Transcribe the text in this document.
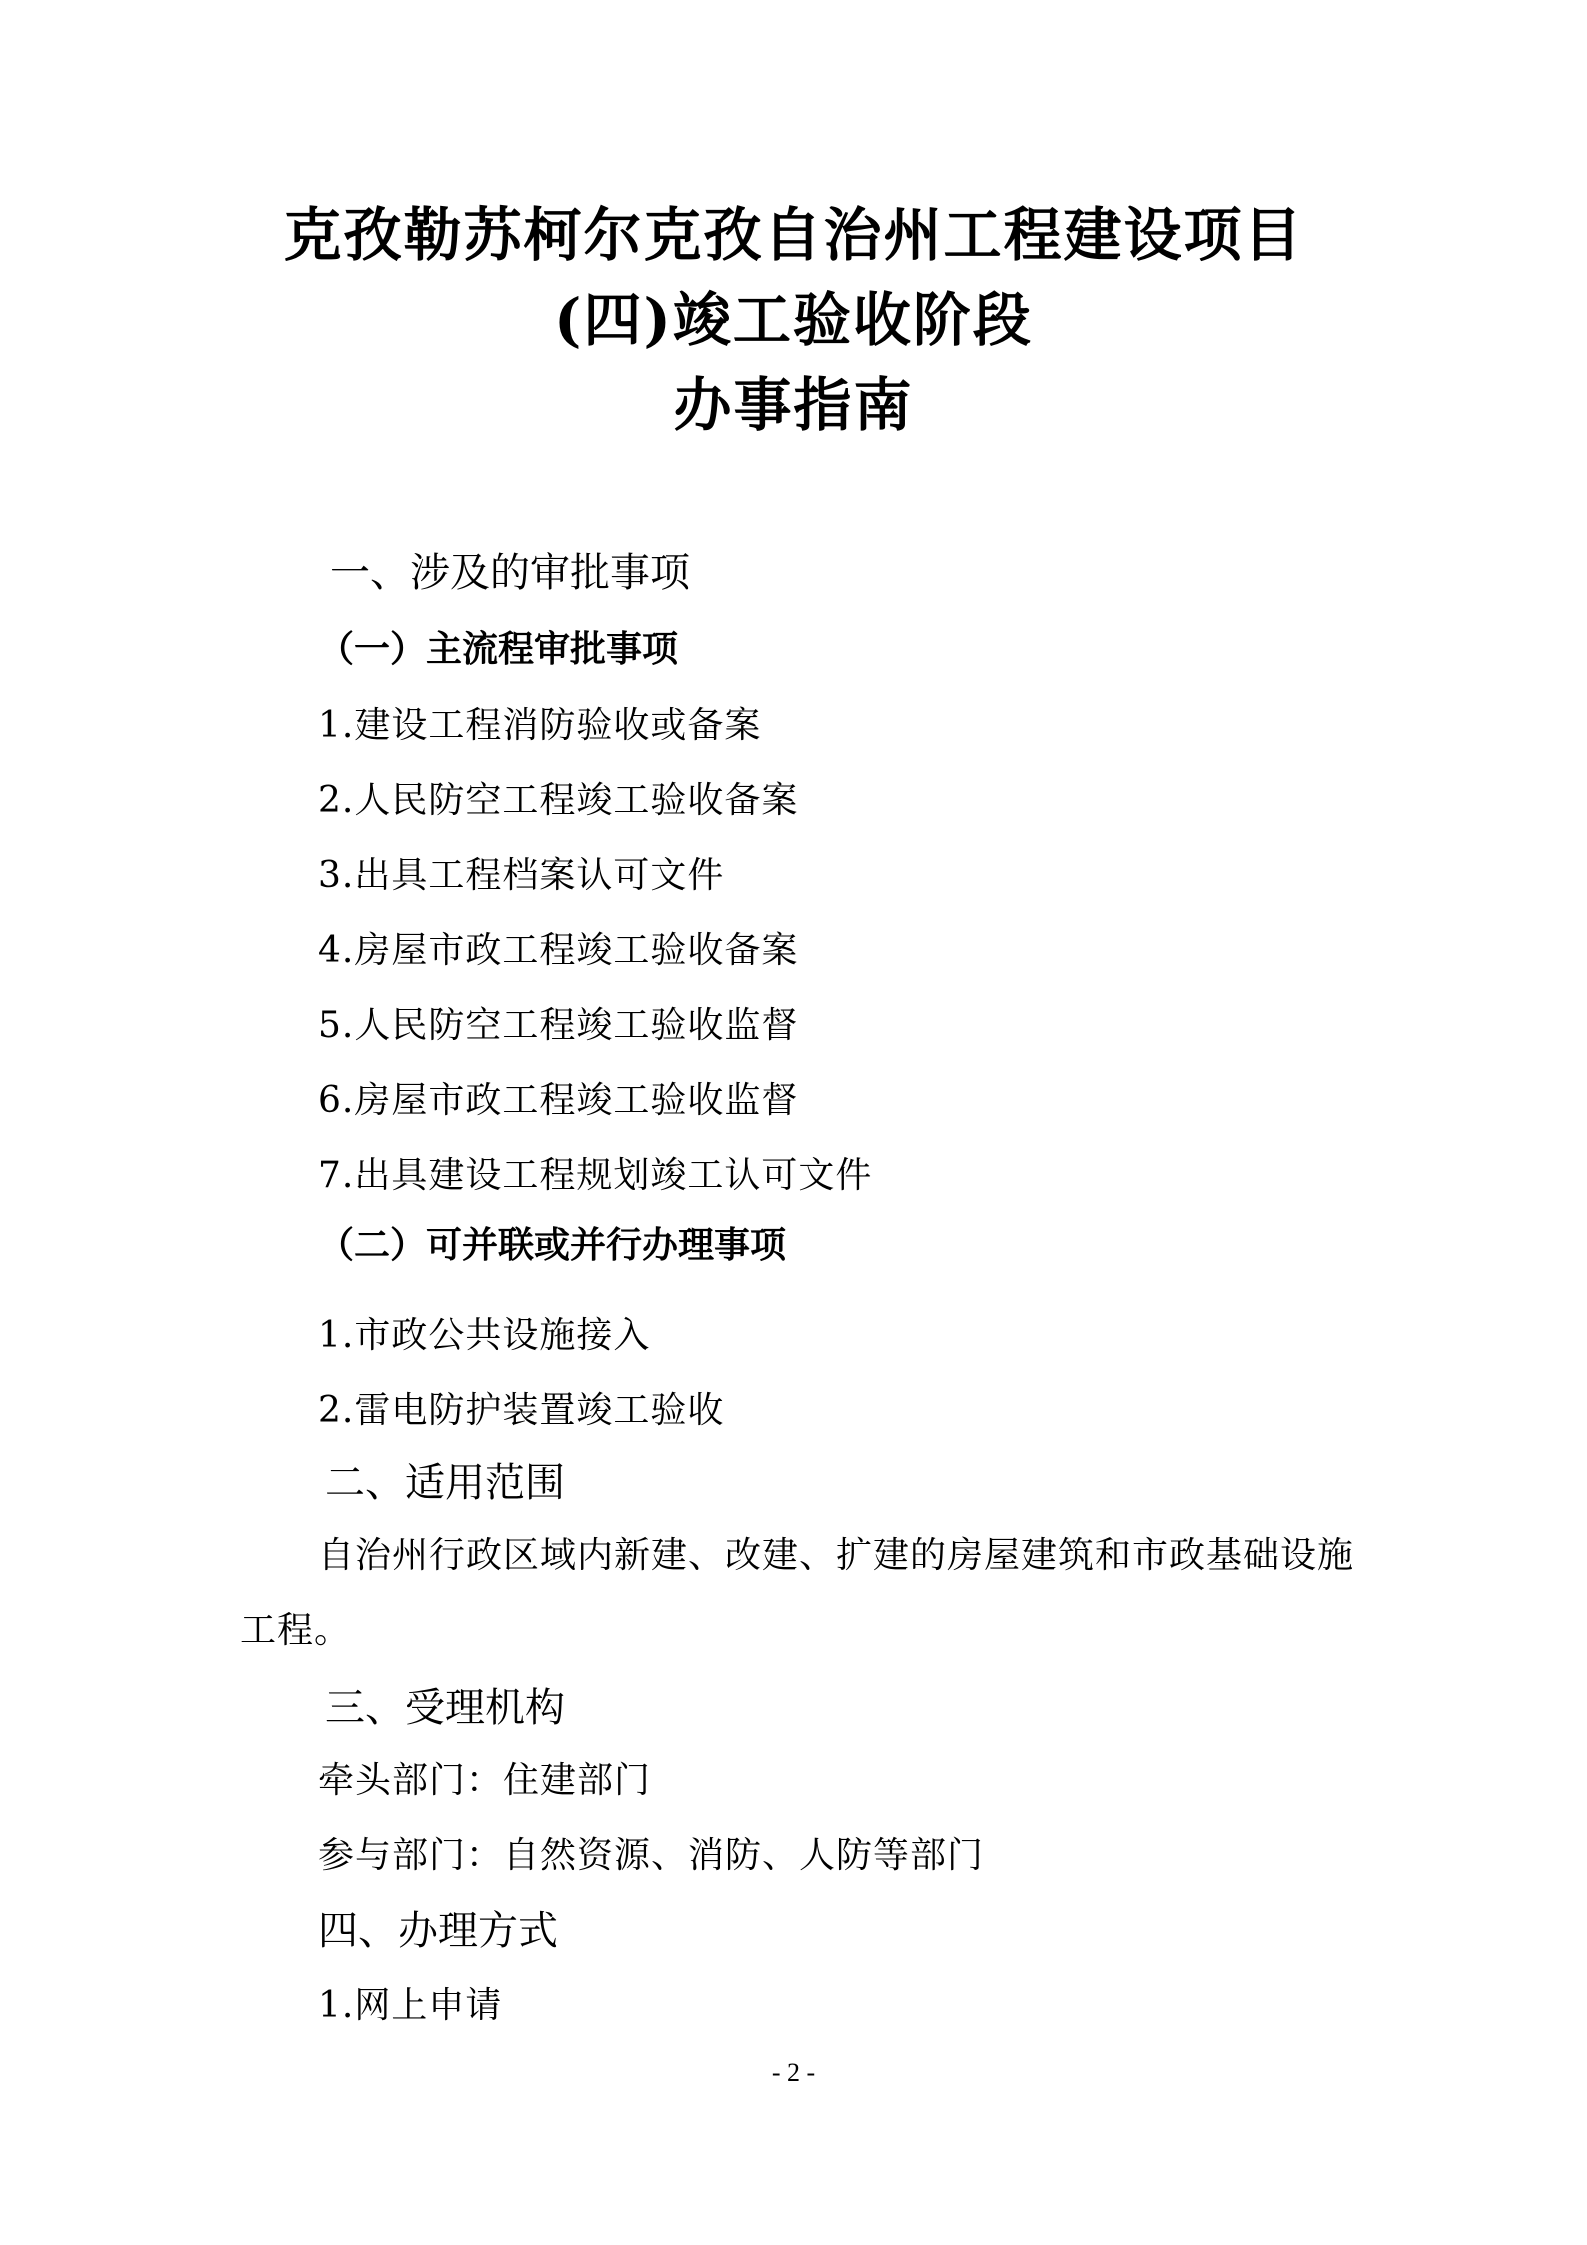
克孜勒苏柯尔克孜自治州工程建设项目
(四)竣工验收阶段
办事指南
一、涉及的审批事项
（一）主流程审批事项
1.建设工程消防验收或备案
2.人民防空工程竣工验收备案
3.出具工程档案认可文件
4.房屋市政工程竣工验收备案
5.人民防空工程竣工验收监督
6.房屋市政工程竣工验收监督
7.出具建设工程规划竣工认可文件
（二）可并联或并行办理事项
1.市政公共设施接入
2.雷电防护装置竣工验收
二、适用范围
自治州行政区域内新建、改建、扩建的房屋建筑和市政基础设施
工程。
三、受理机构
牵头部门：住建部门
参与部门：自然资源、消防、人防等部门
四、办理方式
1.网上申请
- 2 -
